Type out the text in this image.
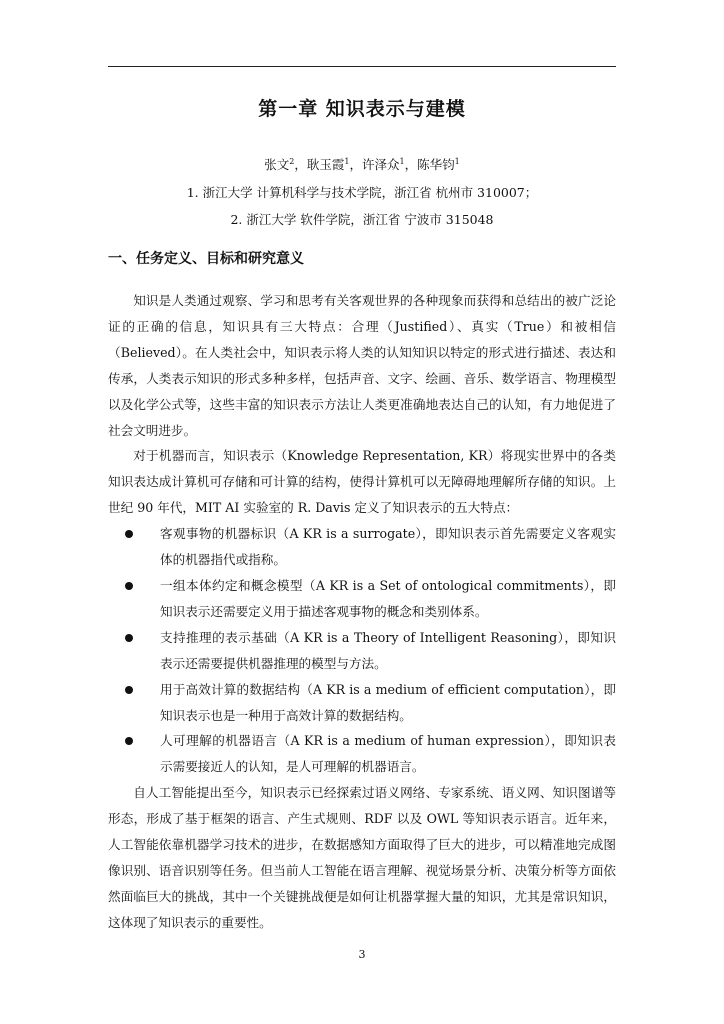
第一章 知识表示与建模
张文$^2$，耿玉霞$^1$，许泽众$^1$，陈华钧$^1$
1. 浙江大学 计算机科学与技术学院，浙江省 杭州市 310007；
2. 浙江大学 软件学院，浙江省 宁波市 315048
一、任务定义、目标和研究意义

知识是人类通过观察、学习和思考有关客观世界的各种现象而获得和总结出的被广泛论证的正确的信息，知识具有三大特点：合理（Justified）、真实（True）和被相信（Believed）。在人类社会中，知识表示将人类的认知知识以特定的形式进行描述、表达和传承，人类表示知识的形式多种多样，包括声音、文字、绘画、音乐、数学语言、物理模型以及化学公式等，这些丰富的知识表示方法让人类更准确地表达自己的认知，有力地促进了社会文明进步。

对于机器而言，知识表示（Knowledge Representation, KR）将现实世界中的各类知识表达成计算机可存储和可计算的结构，使得计算机可以无障碍地理解所存储的知识。上世纪 90 年代，MIT AI 实验室的 R. Davis 定义了知识表示的五大特点：

客观事物的机器标识（A KR is a surrogate），即知识表示首先需要定义客观实体的机器指代或指称。
一组本体约定和概念模型（A KR is a Set of ontological commitments），即知识表示还需要定义用于描述客观事物的概念和类别体系。
支持推理的表示基础（A KR is a Theory of Intelligent Reasoning），即知识表示还需要提供机器推理的模型与方法。
用于高效计算的数据结构（A KR is a medium of efficient computation），即知识表示也是一种用于高效计算的数据结构。
人可理解的机器语言（A KR is a medium of human expression），即知识表示需要接近人的认知，是人可理解的机器语言。

自人工智能提出至今，知识表示已经探索过语义网络、专家系统、语义网、知识图谱等形态，形成了基于框架的语言、产生式规则、RDF 以及 OWL 等知识表示语言。近年来，人工智能依靠机器学习技术的进步，在数据感知方面取得了巨大的进步，可以精准地完成图像识别、语音识别等任务。但当前人工智能在语言理解、视觉场景分析、决策分析等方面依然面临巨大的挑战，其中一个关键挑战便是如何让机器掌握大量的知识，尤其是常识知识，这体现了知识表示的重要性。

3
